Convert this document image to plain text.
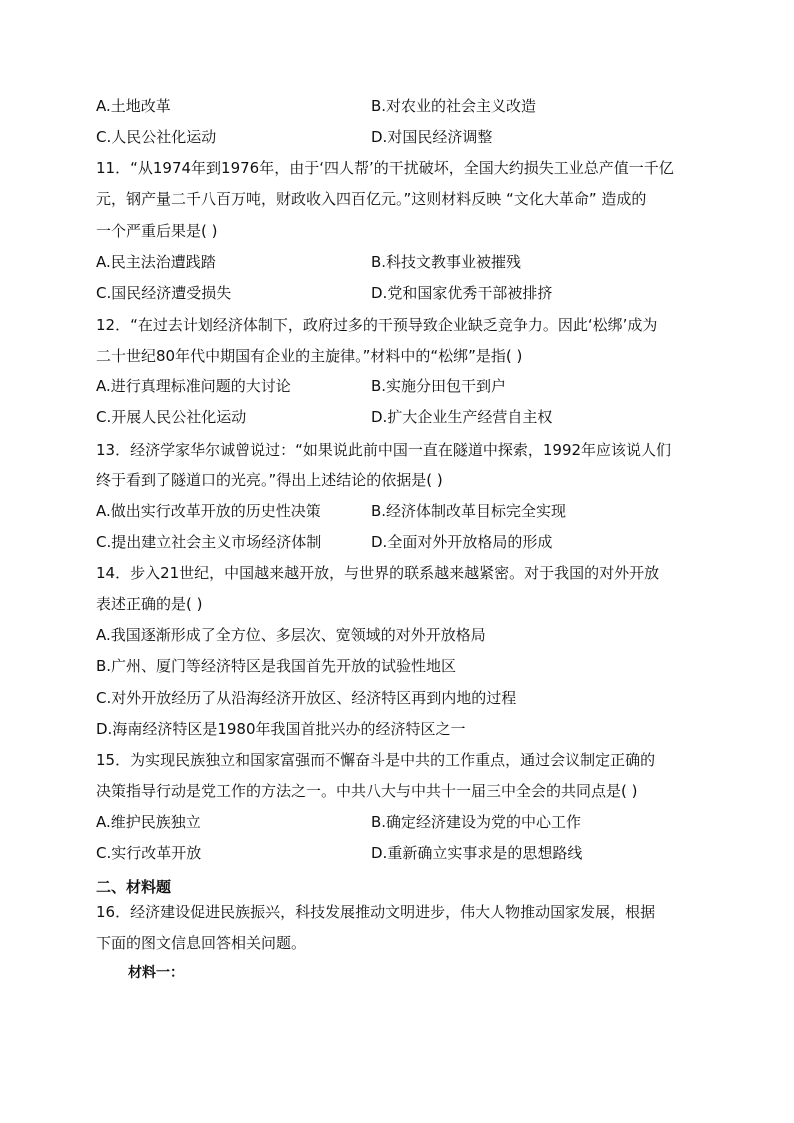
A.土地改革	B.对农业的社会主义改造
C.人民公社化运动	D.对国民经济调整
11．“从1974年到1976年，由于‘四人帮’的干扰破坏，全国大约损失工业总产值一千亿
元，钢产量二千八百万吨，财政收入四百亿元。”这则材料反映 “文化大革命” 造成的
一个严重后果是( )
A.民主法治遭践踏	B.科技文教事业被摧残
C.国民经济遭受损失	D.党和国家优秀干部被排挤
12．“在过去计划经济体制下，政府过多的干预导致企业缺乏竞争力。因此‘松绑’成为
二十世纪80年代中期国有企业的主旋律。”材料中的“松绑”是指( )
A.进行真理标准问题的大讨论	B.实施分田包干到户
C.开展人民公社化运动	D.扩大企业生产经营自主权
13．经济学家华尔诚曾说过：“如果说此前中国一直在隧道中探索，1992年应该说人们
终于看到了隧道口的光亮。”得出上述结论的依据是( )
A.做出实行改革开放的历史性决策	B.经济体制改革目标完全实现
C.提出建立社会主义市场经济体制	D.全面对外开放格局的形成
14．步入21世纪，中国越来越开放，与世界的联系越来越紧密。对于我国的对外开放
表述正确的是( )
A.我国逐渐形成了全方位、多层次、宽领域的对外开放格局
B.广州、厦门等经济特区是我国首先开放的试验性地区
C.对外开放经历了从沿海经济开放区、经济特区再到内地的过程
D.海南经济特区是1980年我国首批兴办的经济特区之一
15．为实现民族独立和国家富强而不懈奋斗是中共的工作重点，通过会议制定正确的
决策指导行动是党工作的方法之一。中共八大与中共十一届三中全会的共同点是( )
A.维护民族独立	B.确定经济建设为党的中心工作
C.实行改革开放	D.重新确立实事求是的思想路线
二、材料题
16．经济建设促进民族振兴，科技发展推动文明进步，伟大人物推动国家发展，根据
下面的图文信息回答相关问题。
材料一：
